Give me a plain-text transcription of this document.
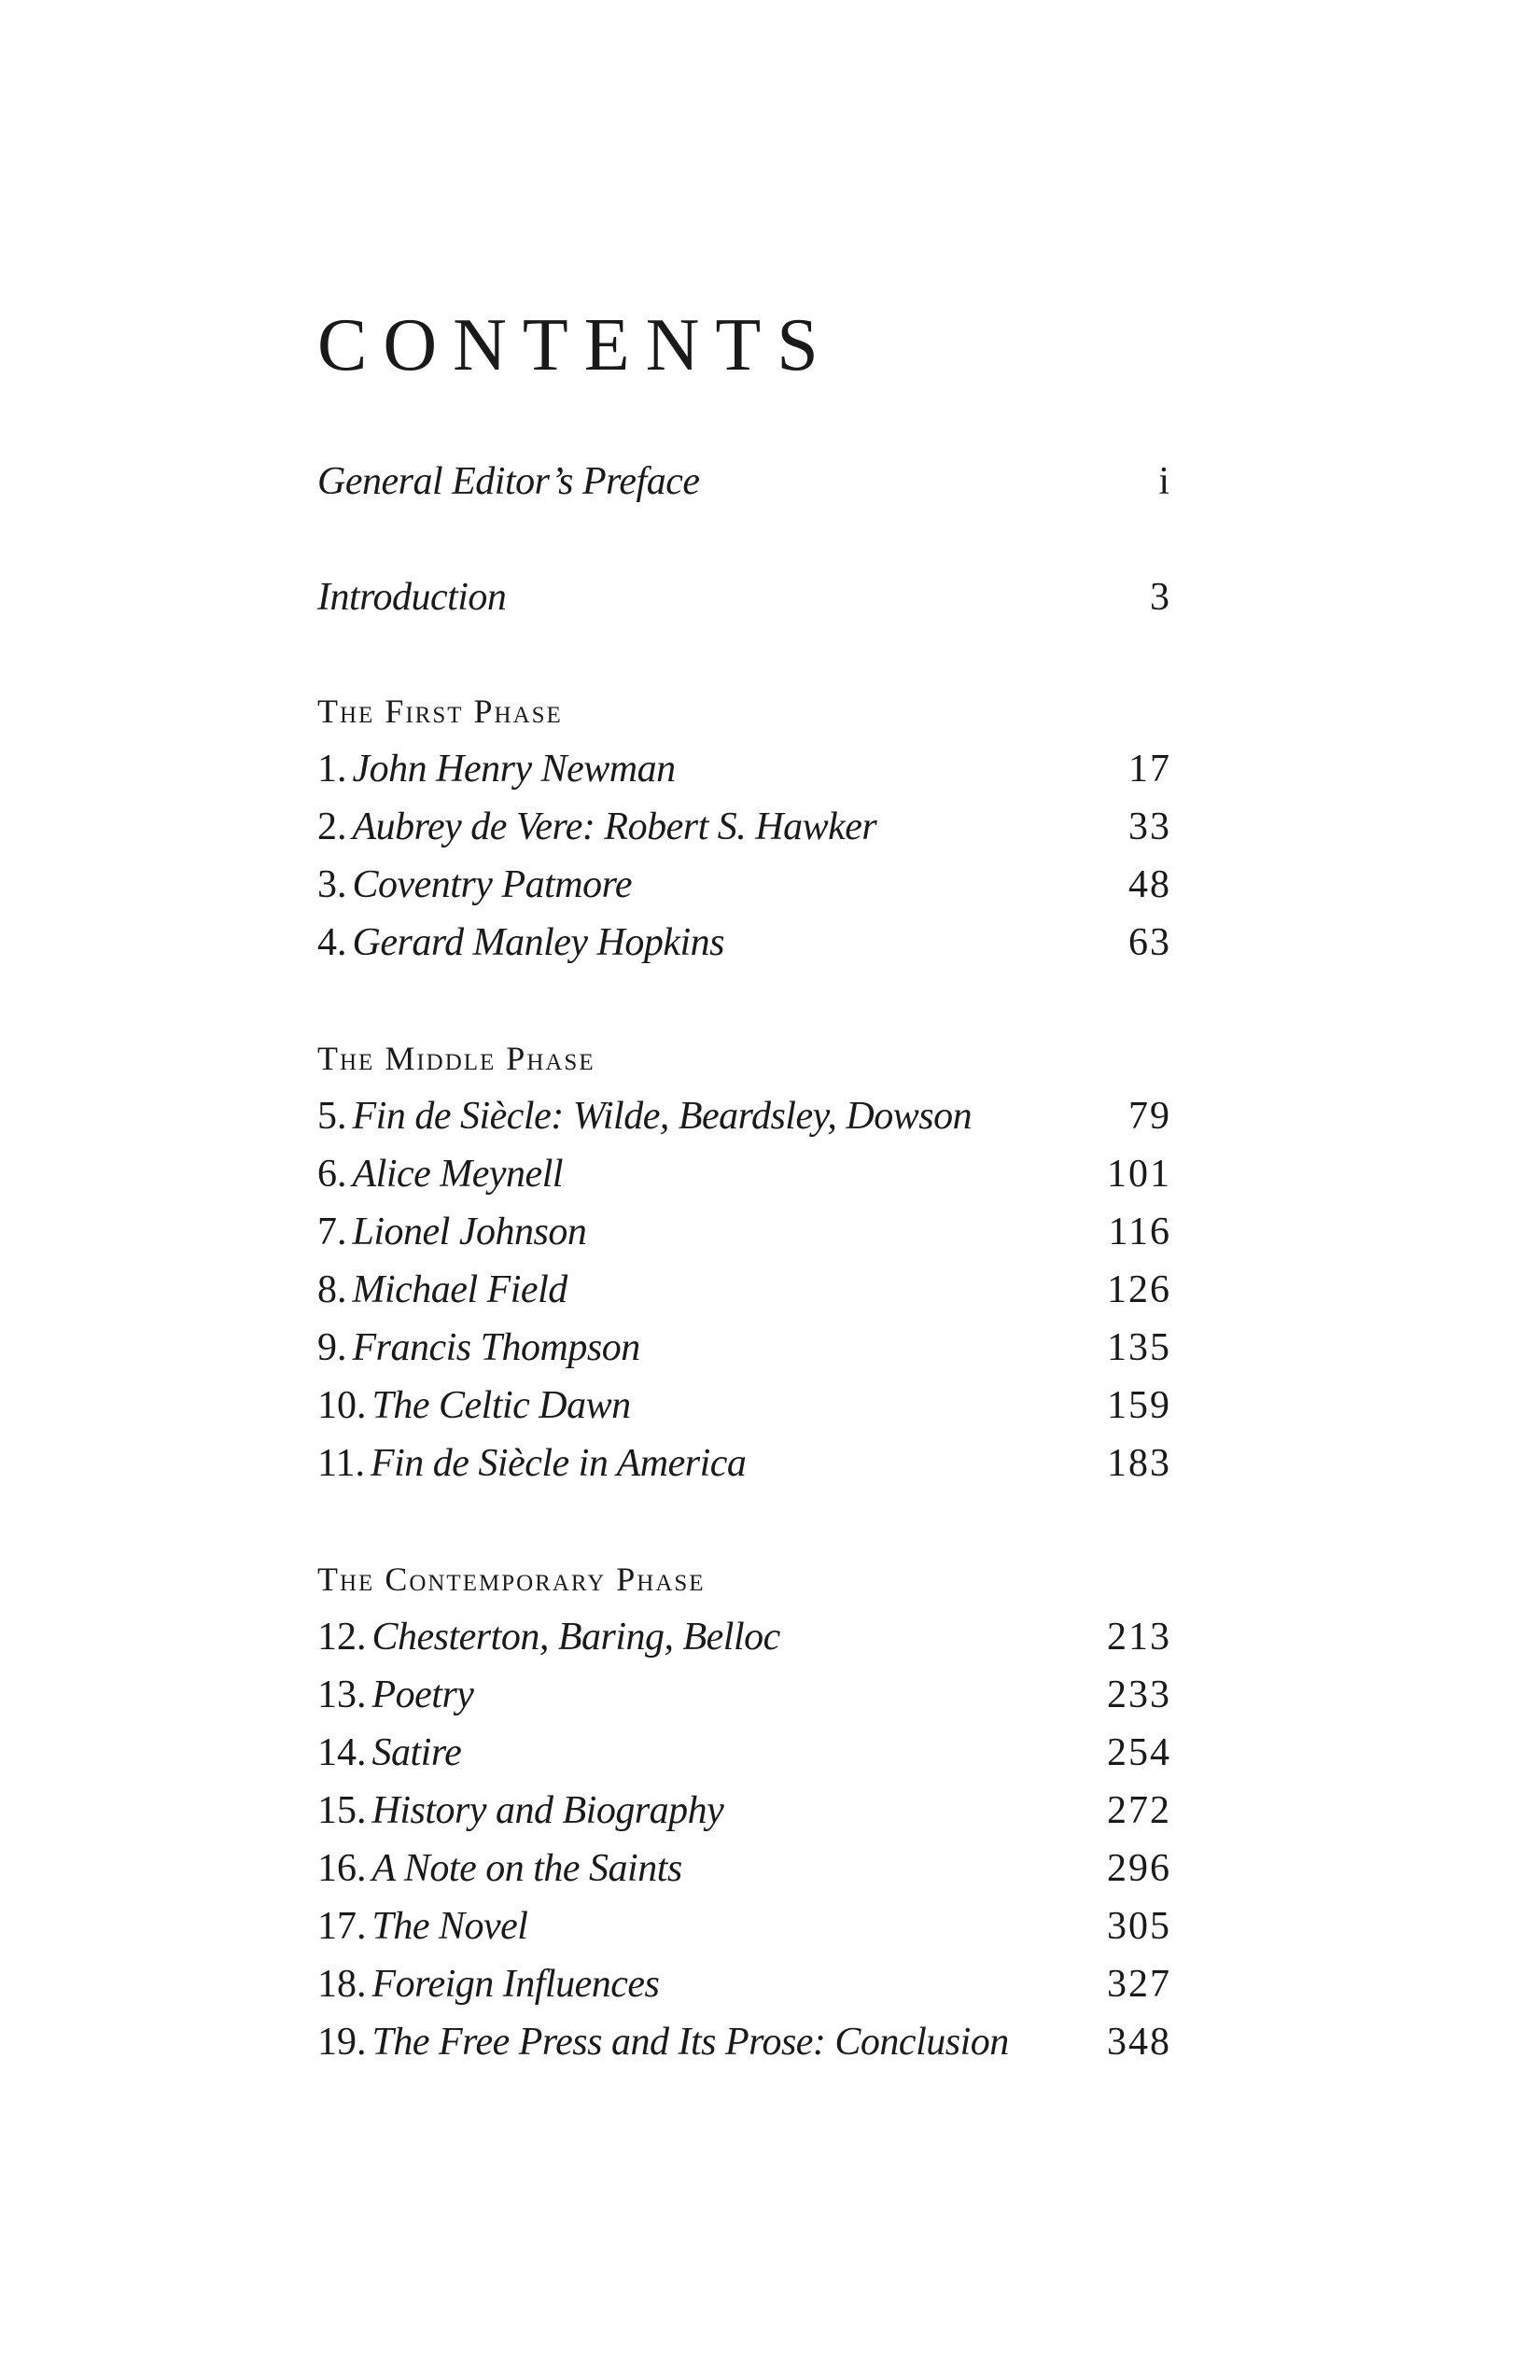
CONTENTS
General Editor’s Preface	i
Introduction	3
The First Phase
1. John Henry Newman	17
2. Aubrey de Vere: Robert S. Hawker	33
3. Coventry Patmore	48
4. Gerard Manley Hopkins	63
The Middle Phase
5. Fin de Siècle: Wilde, Beardsley, Dowson	79
6. Alice Meynell	101
7. Lionel Johnson	116
8. Michael Field	126
9. Francis Thompson	135
10. The Celtic Dawn	159
11. Fin de Siècle in America	183
The Contemporary Phase
12. Chesterton, Baring, Belloc	213
13. Poetry	233
14. Satire	254
15. History and Biography	272
16. A Note on the Saints	296
17. The Novel	305
18. Foreign Influences	327
19. The Free Press and Its Prose: Conclusion	348
